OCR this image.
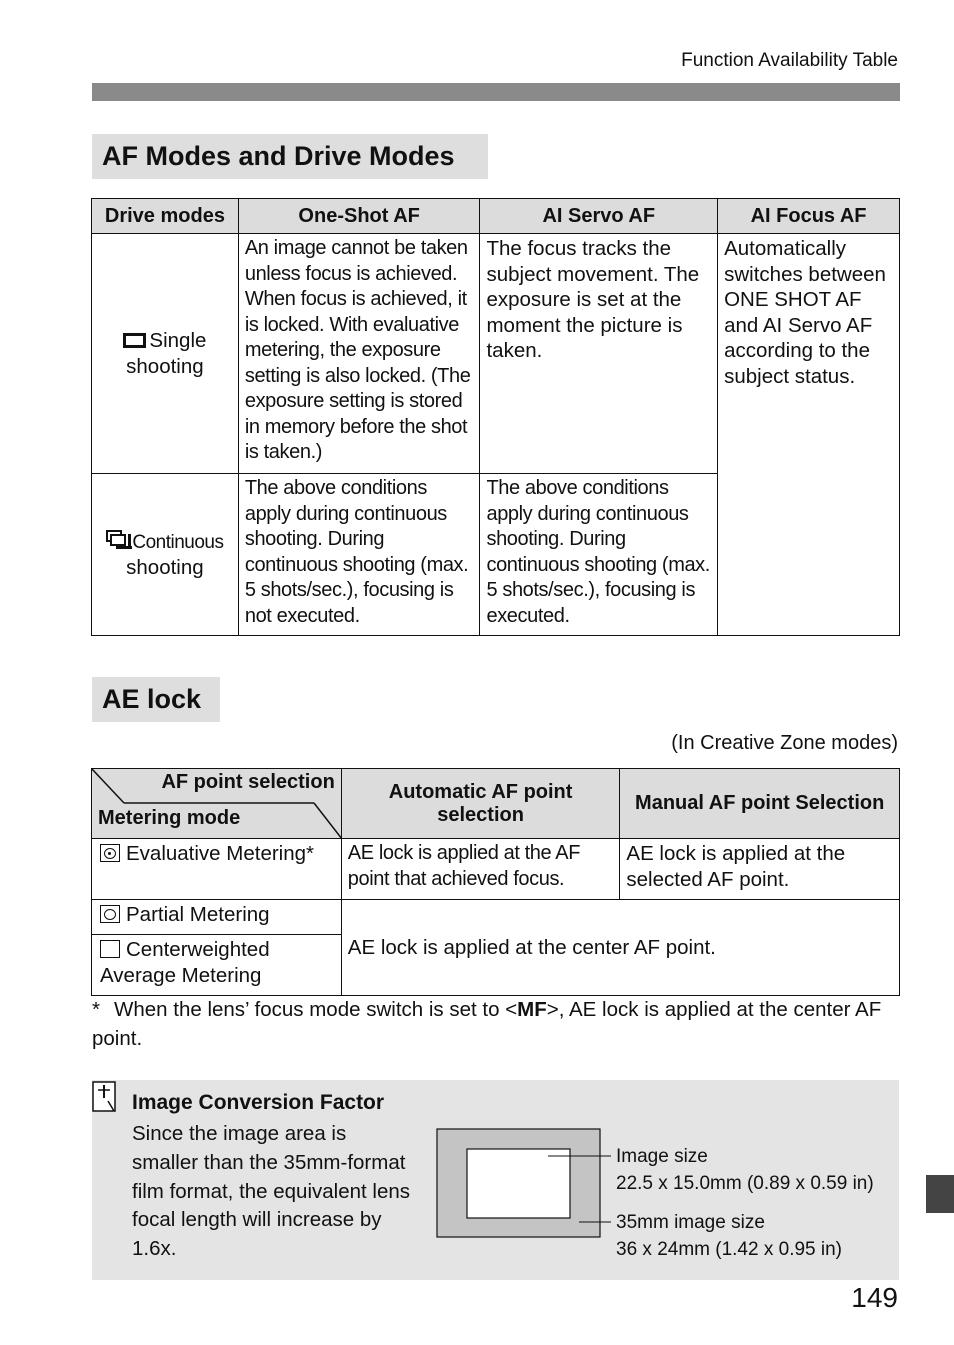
Function Availability Table
AF Modes and Drive Modes
Drive modes	One-Shot AF	AI Servo AF	AI Focus AF
Single
shooting	An image cannot be taken unless focus is achieved. When focus is achieved, it is locked. With evaluative metering, the exposure setting is also locked. (The exposure setting is stored in memory before the shot is taken.)	The focus tracks the subject movement. The exposure is set at the moment the picture is taken.	Automatically switches between ONE SHOT AF and AI Servo AF according to the subject status.

Continuous
shooting	The above conditions apply during continuous shooting. During continuous shooting (max. 5 shots/sec.), focusing is not executed.	The above conditions apply during continuous shooting. During continuous shooting (max. 5 shots/sec.), focusing is executed.	
AE lock
(In Creative Zone modes)
AF point selection
Metering mode	Automatic AF point selection	Manual AF point Selection
Evaluative Metering*	AE lock is applied at the AF point that achieved focus.	AE lock is applied at the selected AF point.
Partial Metering	AE lock is applied at the center AF point.	
Centerweighted Average Metering		
* When the lens’ focus mode switch is set to <MF>, AE lock is applied at the center AF point.
Image Conversion Factor
Since the image area is smaller than the 35mm-format film format, the equivalent lens focal length will increase by 1.6x.
Image size
22.5 x 15.0mm (0.89 x 0.59 in)
35mm image size
36 x 24mm (1.42 x 0.95 in)
149
